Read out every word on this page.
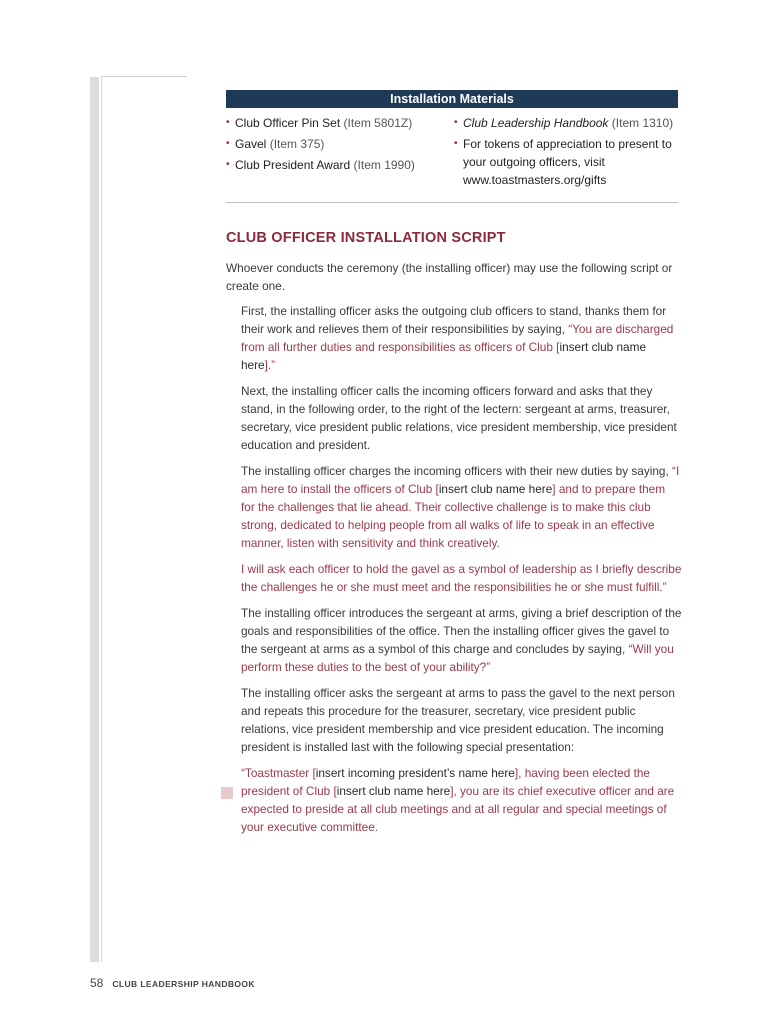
Installation Materials
• Club Officer Pin Set (Item 5801Z)
• Gavel (Item 375)
• Club President Award (Item 1990)
• Club Leadership Handbook (Item 1310)
• For tokens of appreciation to present to your outgoing officers, visit
www.toastmasters.org/gifts
CLUB OFFICER INSTALLATION SCRIPT

Whoever conducts the ceremony (the installing officer) may use the following script or create one.

First, the installing officer asks the outgoing club officers to stand, thanks them for their work and relieves them of their responsibilities by saying, “You are discharged from all further duties and responsibilities as officers of Club [insert club name here].”

Next, the installing officer calls the incoming officers forward and asks that they stand, in the following order, to the right of the lectern: sergeant at arms, treasurer, secretary, vice president public relations, vice president membership, vice president education and president.

The installing officer charges the incoming officers with their new duties by saying, “I am here to install the officers of Club [insert club name here] and to prepare them for the challenges that lie ahead. Their collective challenge is to make this club strong, dedicated to helping people from all walks of life to speak in an effective manner, listen with sensitivity and think creatively.

I will ask each officer to hold the gavel as a symbol of leadership as I briefly describe the challenges he or she must meet and the responsibilities he or she must fulfill.”

The installing officer introduces the sergeant at arms, giving a brief description of the goals and responsibilities of the office. Then the installing officer gives the gavel to the sergeant at arms as a symbol of this charge and concludes by saying, “Will you perform these duties to the best of your ability?”

The installing officer asks the sergeant at arms to pass the gavel to the next person and repeats this procedure for the treasurer, secretary, vice president public relations, vice president membership and vice president education. The incoming president is installed last with the following special presentation:

“Toastmaster [insert incoming president’s name here], having been elected the president of Club [insert club name here], you are its chief executive officer and are expected to preside at all club meetings and at all regular and special meetings of your executive committee.

58 CLUB LEADERSHIP HANDBOOK
